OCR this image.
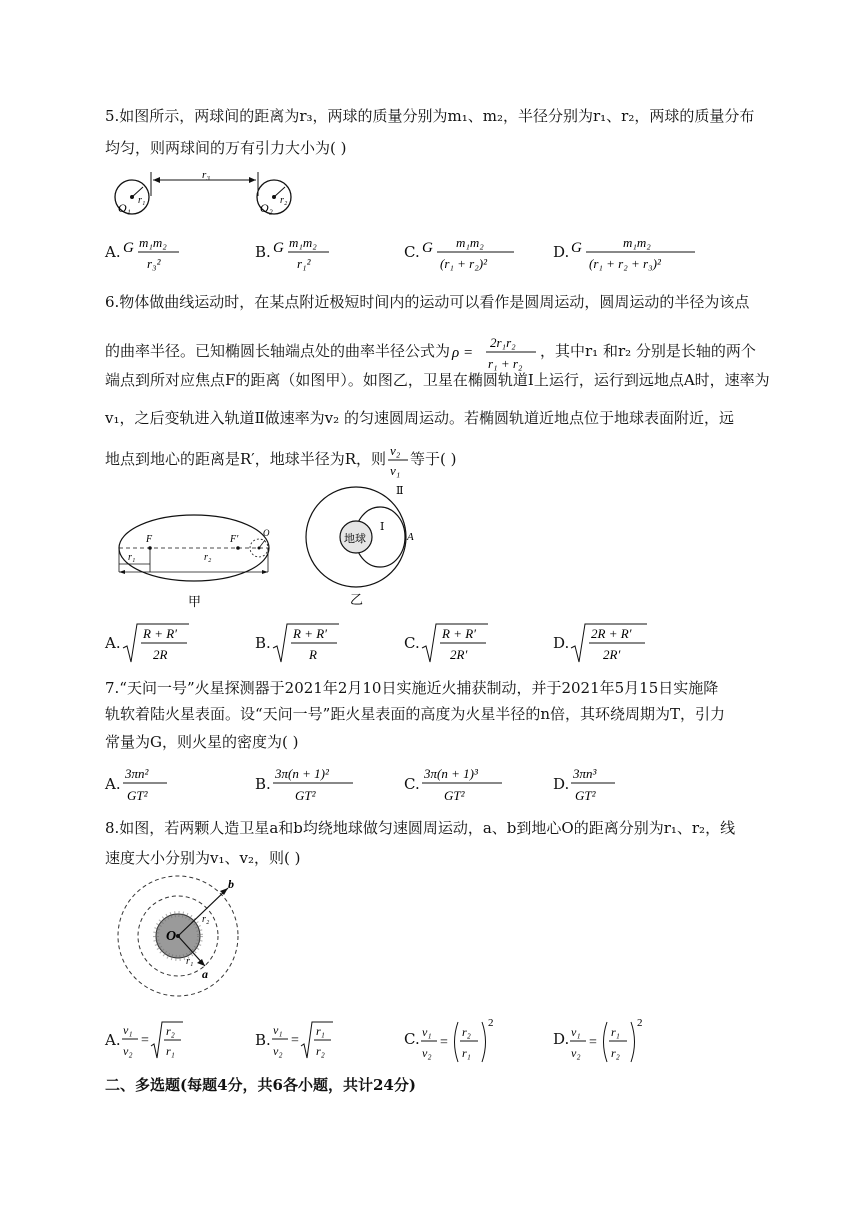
5.如图所示，两球间的距离为r₃，两球的质量分别为m₁、m₂，半径分别为r₁、r₂，两球的质量分布
均匀，则两球间的万有引力大小为( )
r₃
O₁	O₂
r₁	r₂
A. G m₁m₂
r₃²
B. G m₁m₂
r₁²
C. G m₁m₂
(r₁ + r₂)²
D. G	m₁m₂
(r₁ + r₂ + r₃)²
6.物体做曲线运动时，在某点附近极短时间内的运动可以看作是圆周运动，圆周运动的半径为该点
的曲率半径。已知椭圆长轴端点处的曲率半径公式为 ρ =
2r₁r₂
r₁ + r₂
，其中r₁ 和r₂ 分别是长轴的两个
端点到所对应焦点F的距离（如图甲）。如图乙，卫星在椭圆轨道Ⅰ上运行，运行到远地点A时，速率为
v₁，之后变轨进入轨道Ⅱ做速率为v₂ 的匀速圆周运动。若椭圆轨道近地点位于地球表面附近，远
地点到地心的距离是R′，地球半径为R，则 v₂
v₁
等于( )
F	F′
O
r₁	r₂
甲
地球
Ⅰ
Ⅱ
A
乙
A.
R + R′
2R
B.
R + R′
R
C.
R + R′
2R′
D.
2R + R′
2R′
7.“天问一号”火星探测器于2021年2月10日实施近火捕获制动，并于2021年5月15日实施降
轨软着陆火星表面。设“天问一号”距火星表面的高度为火星半径的n倍，其环绕周期为T，引力
常量为G，则火星的密度为( )
A.
3πn²
GT²
B.
3π(n + 1)²
GT²
C.
3π(n + 1)³
GT²
D.
3πn³
GT²
8.如图，若两颗人造卫星a和b均绕地球做匀速圆周运动，a、b到地心O的距离分别为r₁、r₂，线
速度大小分别为v₁、v₂，则( )
O
b
a
r₂
r₁
A.
v₁
v₂
=
r₂
r₁
B.
v₁
v₂
=
r₁
r₂
C. v₁
v₂
=
r₂
r₁
2
D. v₁
v₂
=
r₁
r₂
2
二、多选题(每题4分，共6各小题，共计24分)
